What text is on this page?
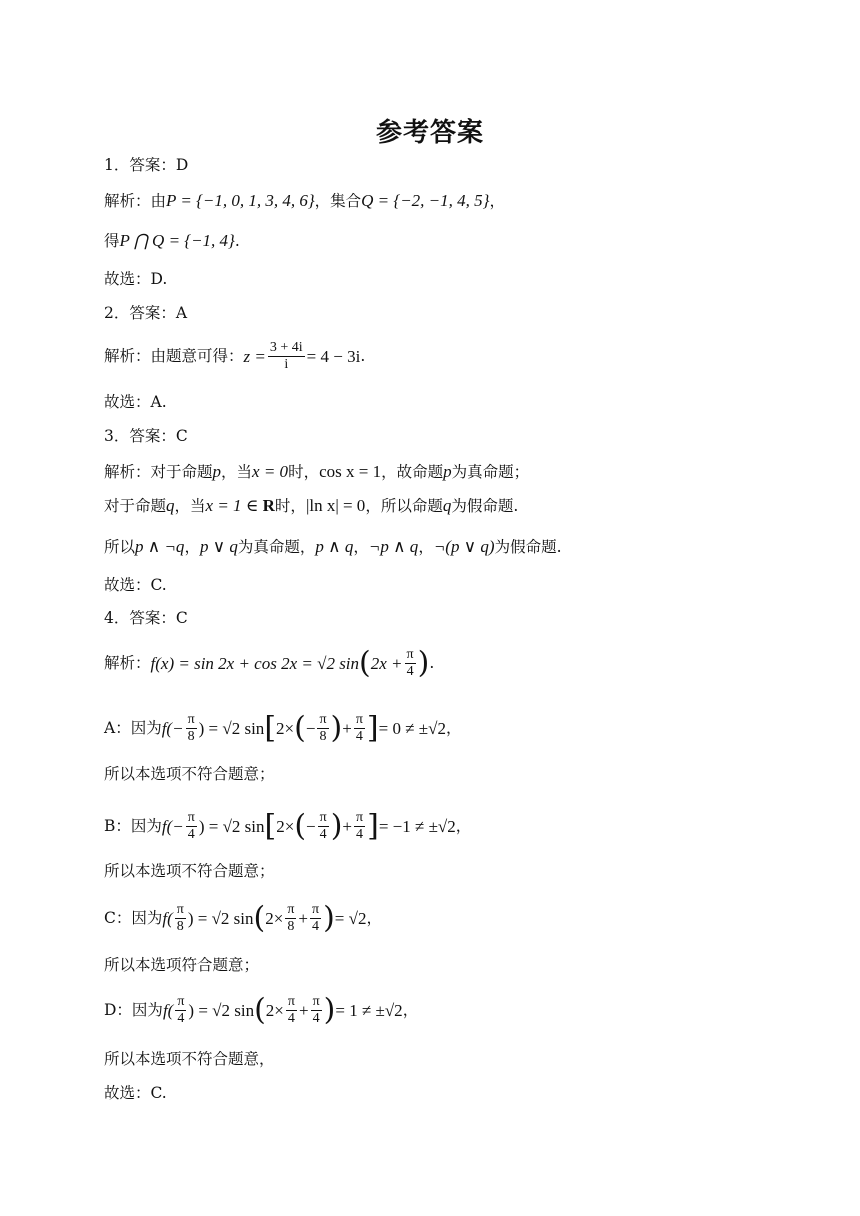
参考答案
1．答案：D
解析：由P = {−1, 0, 1, 3, 4, 6}，集合Q = {−2, −1, 4, 5}，
得P ⋂ Q = {−1, 4}.
故选：D.
2．答案：A
解析：由题意可得：$z = \frac{3 + 4i}{i} = 4 - 3i$.
故选：A.
3．答案：C
解析：对于命题p，当x = 0时，cos x = 1，故命题p为真命题；
对于命题q，当x = 1 ∈ R时，|ln x| = 0，所以命题q为假命题.
所以p ∧ ¬q，p ∨ q为真命题，p ∧ q，¬p ∧ q，¬(p ∨ q)为假命题.
故选：C.
4．答案：C
解析：f(x) = sin 2x + cos 2x = √2 $\sin(2x + \frac{\pi}{4}$ ).
A：因为$f(- \frac{\pi}{8}$ ) = √2 $\sin[2\times(- \frac{\pi}{8}$ )+ $\frac{\pi}{4}$ ]= 0 ≠ ±√2，
所以本选项不符合题意；
B：因为$f(- \frac{\pi}{4}$ ) = √2 $\sin[2\times(- \frac{\pi}{4}$ )+ $\frac{\pi}{4}$ ]= −1 ≠ ±√2，
所以本选项不符合题意；
C：因为$f( \frac{\pi}{8}$ ) = √2 $\sin(2\times \frac{\pi}{8} + \frac{\pi}{4}$ )= √2，
所以本选项符合题意；
D：因为$f( \frac{\pi}{4}$ ) = √2 $\sin(2\times \frac{\pi}{4} + \frac{\pi}{4}$ )= 1 ≠ ±√2，
所以本选项不符合题意，
故选：C.
